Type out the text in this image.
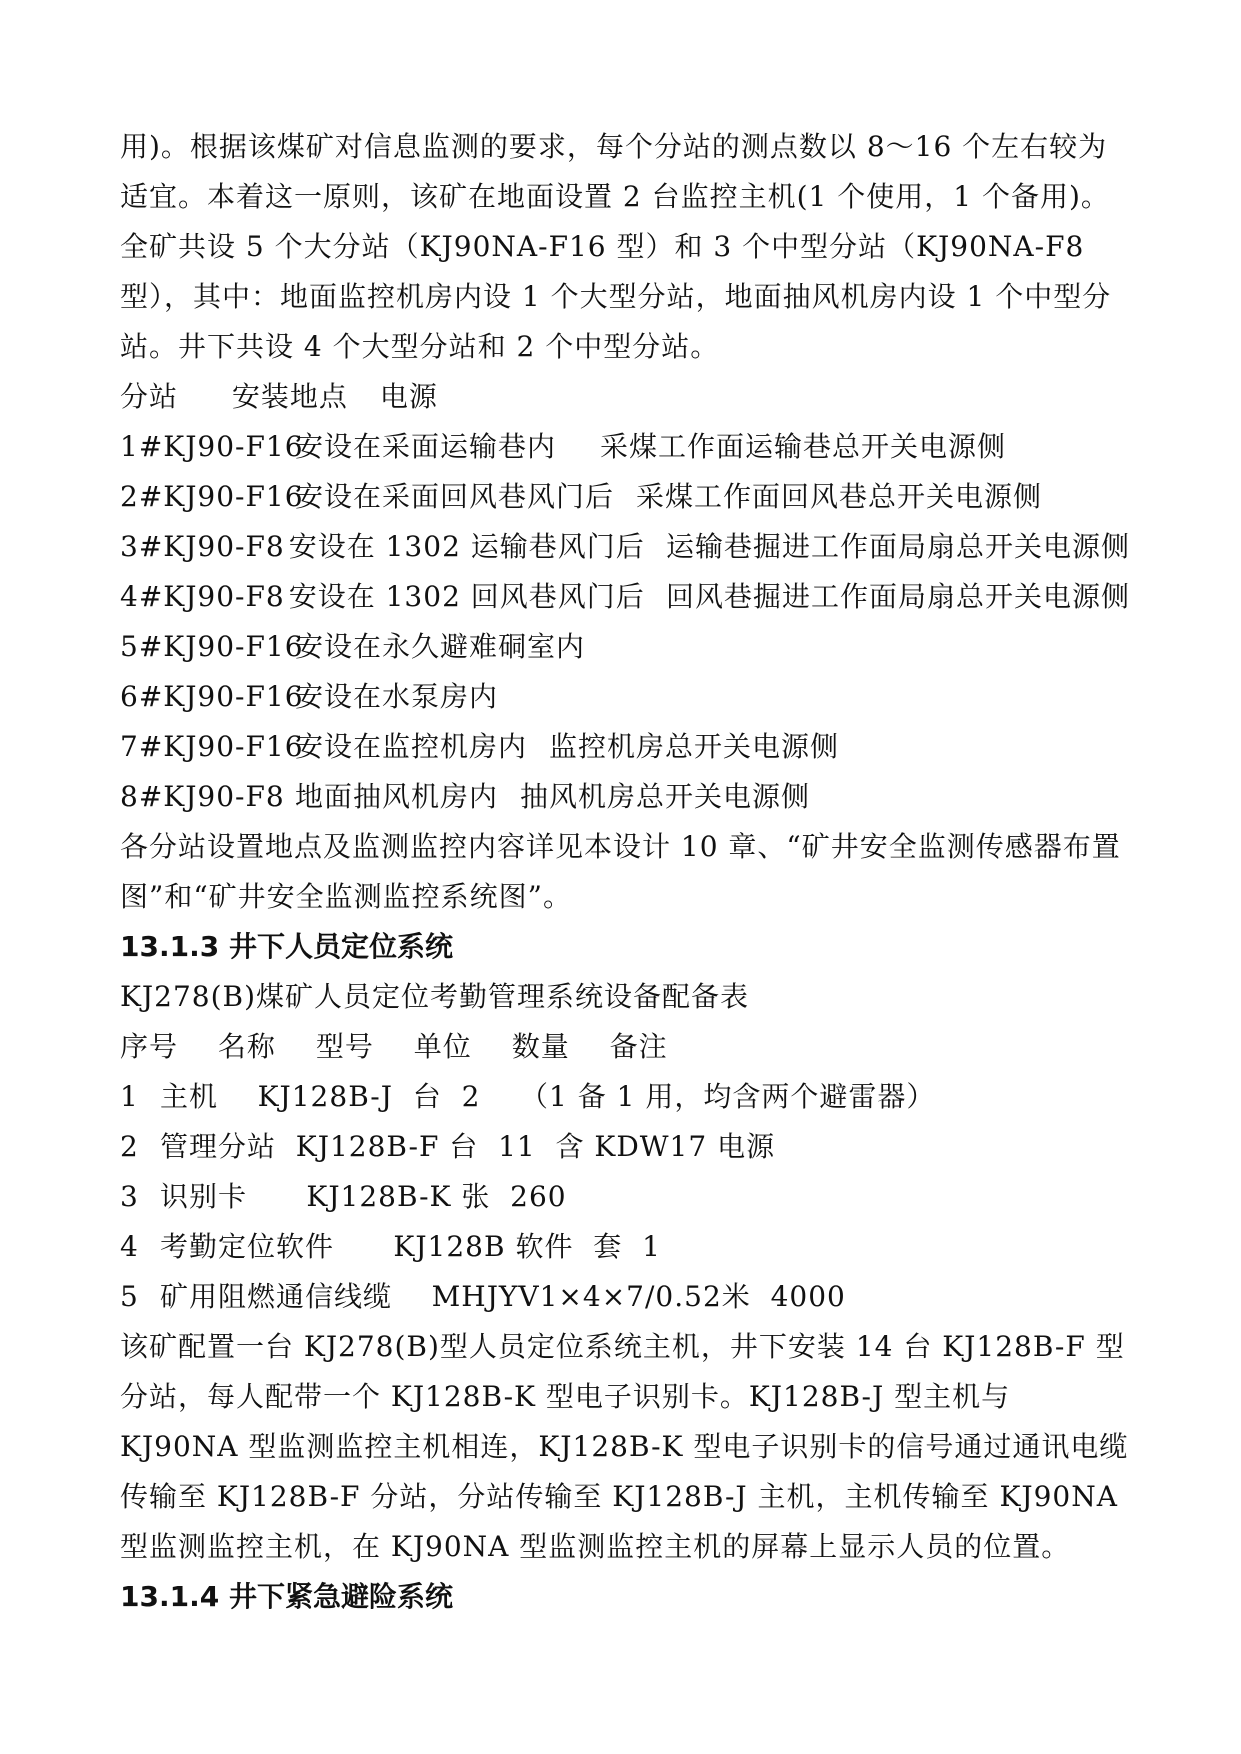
用)。根据该煤矿对信息监测的要求，每个分站的测点数以 8～16 个左右较为适宜。本着这一原则，该矿在地面设置 2 台监控主机(1 个使用，1 个备用)。全矿共设 5 个大分站（KJ90NA-F16 型）和 3 个中型分站（KJ90NA-F8 型），其中：地面监控机房内设 1 个大型分站，地面抽风机房内设 1 个中型分站。井下共设 4 个大型分站和 2 个中型分站。
分站 安装地点 电源
1#KJ90-F16
安设在采面运输巷内 采煤工作面运输巷总开关电源侧
2#KJ90-F16
安设在采面回风巷风门后 采煤工作面回风巷总开关电源侧
3#KJ90-F8 安设在 1302 运输巷风门后 运输巷掘进工作面局扇总开关电源侧
4#KJ90-F8 安设在 1302 回风巷风门后 回风巷掘进工作面局扇总开关电源侧
5#KJ90-F16
安设在永久避难硐室内
6#KJ90-F16
安设在水泵房内
7#KJ90-F16
安设在监控机房内 监控机房总开关电源侧
8#KJ90-F8 地面抽风机房内 抽风机房总开关电源侧
各分站设置地点及监测监控内容详见本设计 10 章、“矿井安全监测传感器布置图”和“矿井安全监测监控系统图”。
13.1.3 井下人员定位系统
KJ278(B)煤矿人员定位考勤管理系统设备配备表
序号 名称 型号 单位 数量 备注
1 主机    KJ128B-J  台  2    （1 备 1 用，均含两个避雷器）
2 管理分站  KJ128B-F 台  11  含 KDW17 电源
3 识别卡      KJ128B-K 张  260
4 考勤定位软件      KJ128B 软件  套  1
5 矿用阻燃通信线缆    MHJYV1×4×7/0.52米  4000
该矿配置一台 KJ278(B)型人员定位系统主机，井下安装 14 台 KJ128B-F 型分站，每人配带一个 KJ128B-K 型电子识别卡。KJ128B-J 型主机与 KJ90NA 型监测监控主机相连，KJ128B-K 型电子识别卡的信号通过通讯电缆传输至 KJ128B-F 分站，分站传输至 KJ128B-J 主机，主机传输至 KJ90NA 型监测监控主机，在 KJ90NA 型监测监控主机的屏幕上显示人员的位置。
13.1.4 井下紧急避险系统
